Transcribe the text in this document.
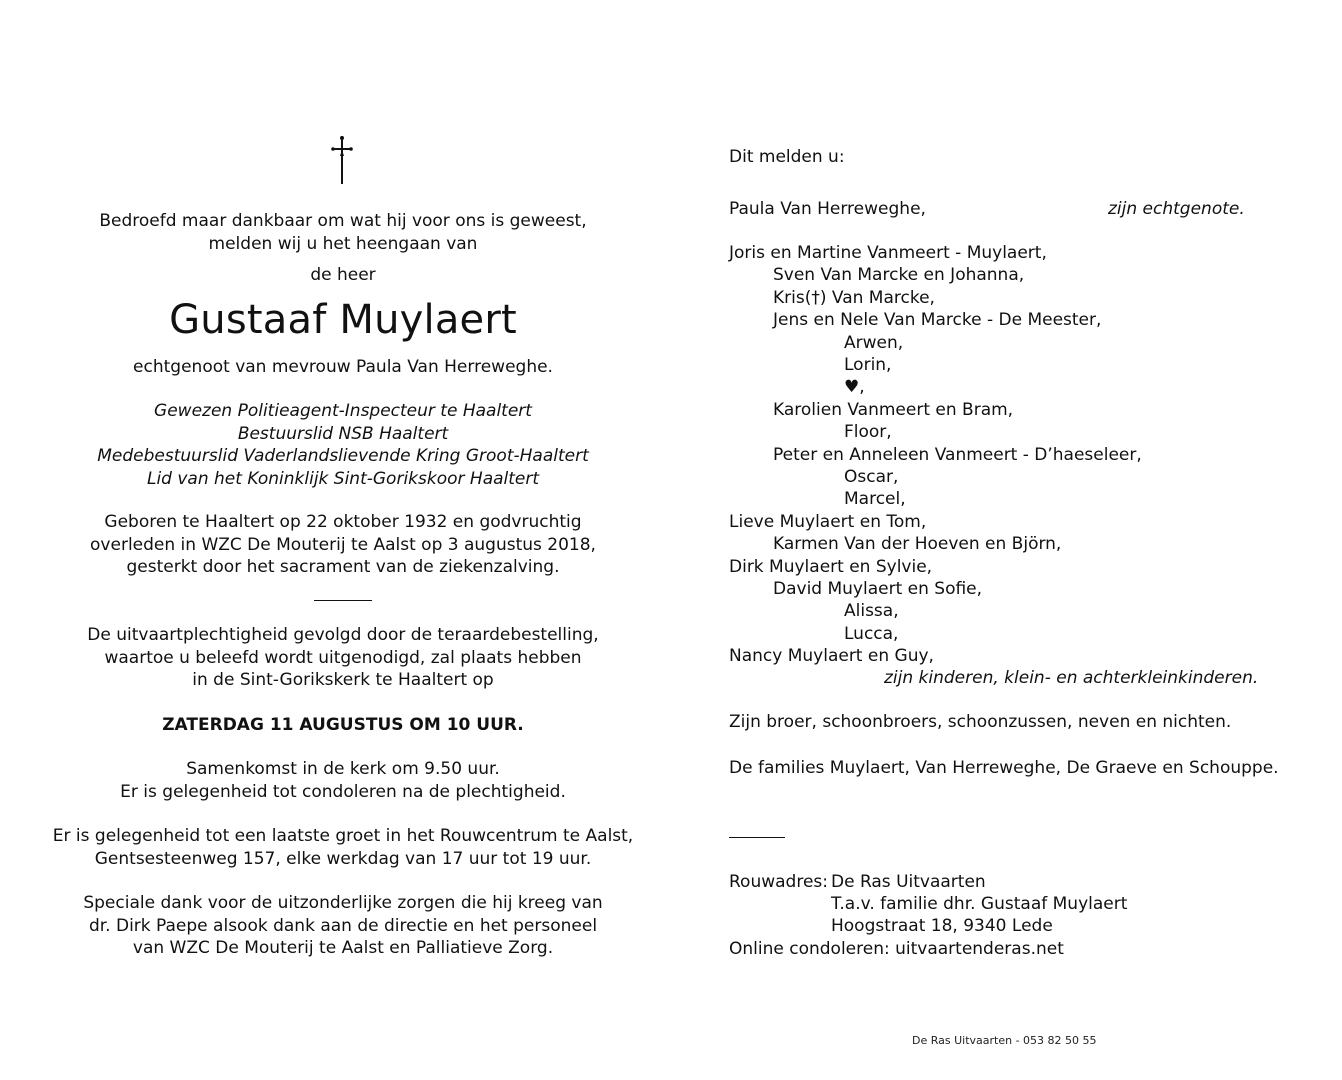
Bedroefd maar dankbaar om wat hij voor ons is geweest,

melden wij u het heengaan van

de heer

Gustaaf Muylaert

echtgenoot van mevrouw Paula Van Herreweghe.

Gewezen Politieagent-Inspecteur te Haaltert

Bestuurslid NSB Haaltert

Medebestuurslid Vaderlandslievende Kring Groot-Haaltert

Lid van het Koninklijk Sint-Gorikskoor Haaltert

Geboren te Haaltert op 22 oktober 1932 en godvruchtig

overleden in WZC De Mouterij te Aalst op 3 augustus 2018,

gesterkt door het sacrament van de ziekenzalving.

De uitvaartplechtigheid gevolgd door de teraardebestelling,

waartoe u beleefd wordt uitgenodigd, zal plaats hebben

in de Sint-Gorikskerk te Haaltert op

ZATERDAG 11 AUGUSTUS OM 10 UUR.

Samenkomst in de kerk om 9.50 uur.

Er is gelegenheid tot condoleren na de plechtigheid.

Er is gelegenheid tot een laatste groet in het Rouwcentrum te Aalst,

Gentsesteenweg 157, elke werkdag van 17 uur tot 19 uur.

Speciale dank voor de uitzonderlijke zorgen die hij kreeg van

dr. Dirk Paepe alsook dank aan de directie en het personeel

van WZC De Mouterij te Aalst en Palliatieve Zorg.

Dit melden u:
Paula Van Herreweghe,	zijn echtgenote.
Joris en Martine Vanmeert - Muylaert,
Sven Van Marcke en Johanna,
Kris(†) Van Marcke,
Jens en Nele Van Marcke - De Meester,
Arwen,
Lorin,
♥,
Karolien Vanmeert en Bram,
Floor,
Peter en Anneleen Vanmeert - D’haeseleer,
Oscar,
Marcel,
Lieve Muylaert en Tom,
Karmen Van der Hoeven en Björn,
Dirk Muylaert en Sylvie,
David Muylaert en Sofie,
Alissa,
Lucca,
Nancy Muylaert en Guy,
zijn kinderen, klein- en achterkleinkinderen.
Zijn broer, schoonbroers, schoonzussen, neven en nichten.
De families Muylaert, Van Herreweghe, De Graeve en Schouppe.
Rouwadres: De Ras Uitvaarten
T.a.v. familie dhr. Gustaaf Muylaert
Hoogstraat 18, 9340 Lede
Online condoleren: uitvaartenderas.net
De Ras Uitvaarten - 053 82 50 55
